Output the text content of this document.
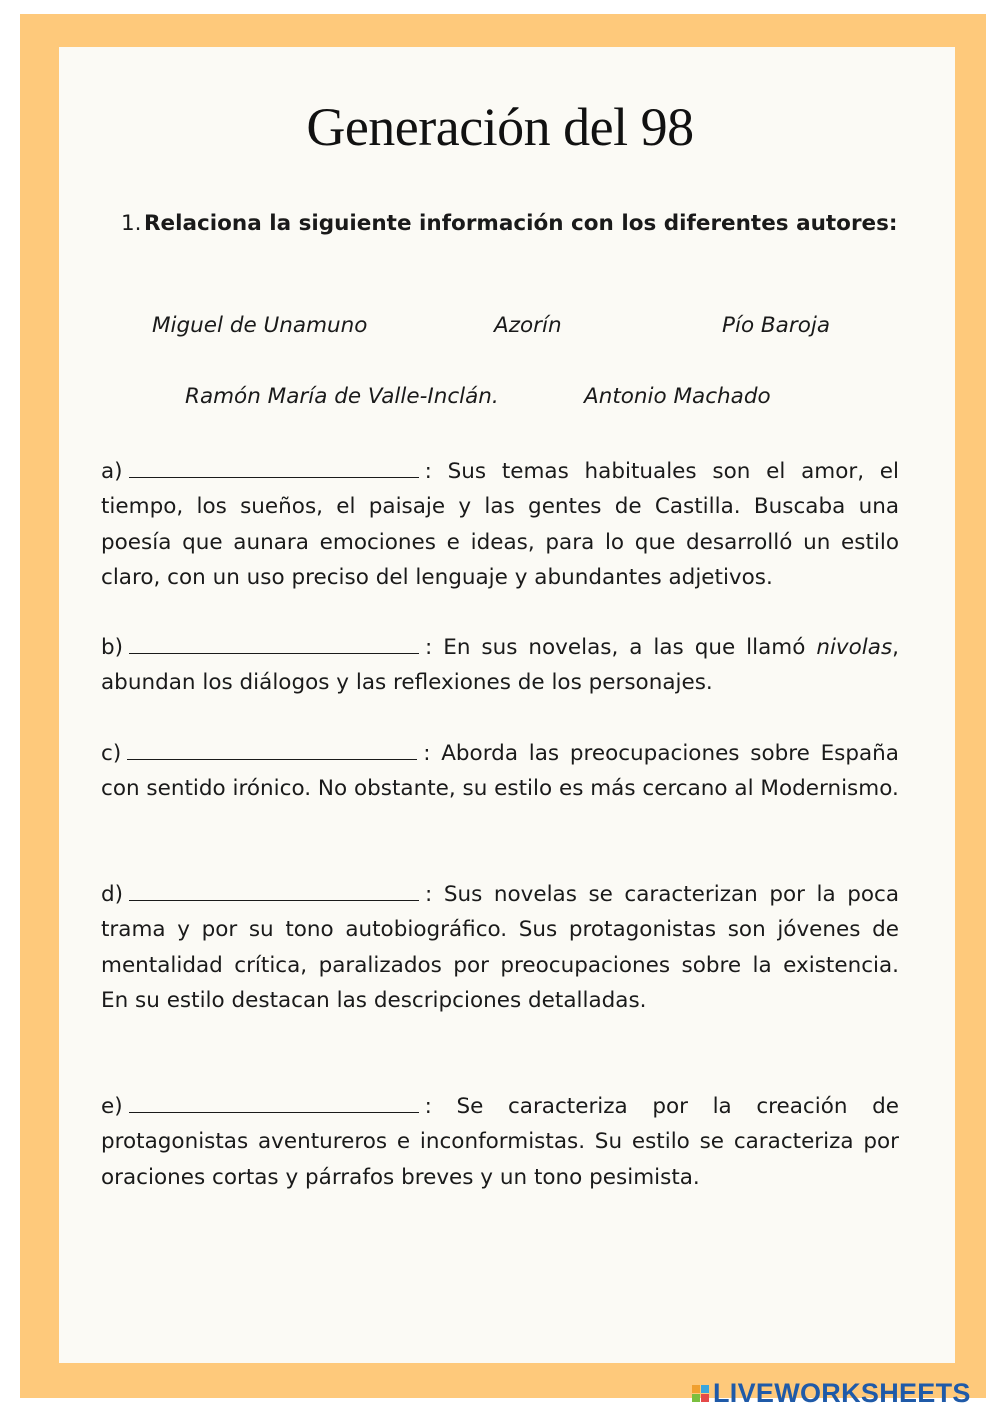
Generación del 98
1. Relaciona la siguiente información con los diferentes autores:
Miguel de Unamuno	Azorín	Pío Baroja
Ramón María de Valle-Inclán.	Antonio Machado

a)	: Sus temas habituales son el amor, el tiempo, los sueños, el paisaje y las gentes de Castilla. Buscaba una poesía que aunara emociones e ideas, para lo que desarrolló un estilo claro, con un uso preciso del lenguaje y abundantes adjetivos.

b)	: En sus novelas, a las que llamó nivolas, abundan los diálogos y las reflexiones de los personajes.

c)	: Aborda las preocupaciones sobre España con sentido irónico. No obstante, su estilo es más cercano al Modernismo.

d)	: Sus novelas se caracterizan por la poca trama y por su tono autobiográfico. Sus protagonistas son jóvenes de mentalidad crítica, paralizados por preocupaciones sobre la existencia. En su estilo destacan las descripciones detalladas.

e)	: Se caracteriza por la creación de protagonistas aventureros e inconformistas. Su estilo se caracteriza por oraciones cortas y párrafos breves y un tono pesimista.

LIVEWORKSHEETS
